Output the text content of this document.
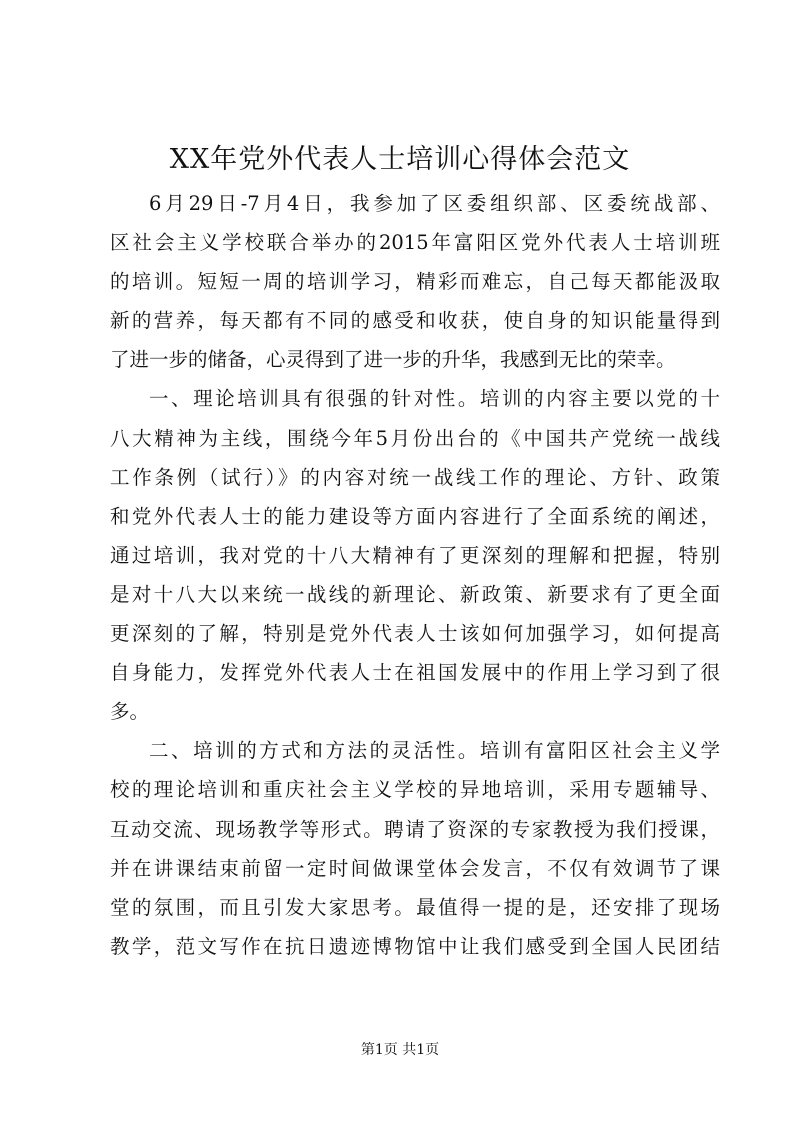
XX年党外代表人士培训心得体会范文
6月29日-7月4日，我参加了区委组织部、区委统战部、
区社会主义学校联合举办的2015年富阳区党外代表人士培训班
的培训。短短一周的培训学习，精彩而难忘，自己每天都能汲取
新的营养，每天都有不同的感受和收获，使自身的知识能量得到
了进一步的储备，心灵得到了进一步的升华，我感到无比的荣幸。
一、理论培训具有很强的针对性。培训的内容主要以党的十
八大精神为主线，围绕今年5月份出台的《中国共产党统一战线
工作条例（试行）》的内容对统一战线工作的理论、方针、政策
和党外代表人士的能力建设等方面内容进行了全面系统的阐述，
通过培训，我对党的十八大精神有了更深刻的理解和把握，特别
是对十八大以来统一战线的新理论、新政策、新要求有了更全面
更深刻的了解，特别是党外代表人士该如何加强学习，如何提高
自身能力，发挥党外代表人士在祖国发展中的作用上学习到了很
多。
二、培训的方式和方法的灵活性。培训有富阳区社会主义学
校的理论培训和重庆社会主义学校的异地培训，采用专题辅导、
互动交流、现场教学等形式。聘请了资深的专家教授为我们授课，
并在讲课结束前留一定时间做课堂体会发言，不仅有效调节了课
堂的氛围，而且引发大家思考。最值得一提的是，还安排了现场
教学，范文写作在抗日遗迹博物馆中让我们感受到全国人民团结
第1页 共1页
